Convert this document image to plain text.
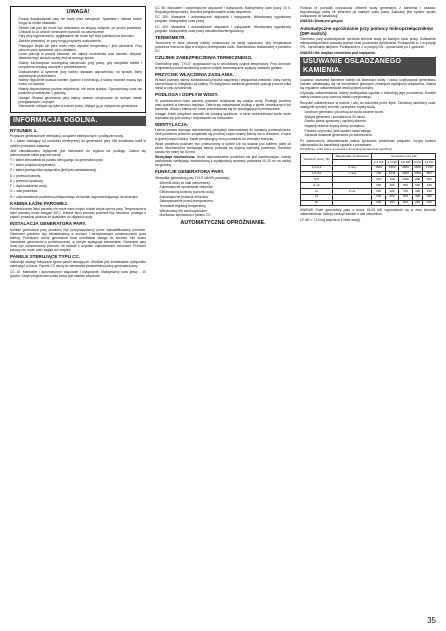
UWAGA!
• Proszę dopasowywać pary nie może mieć zatrzymań. Spawanie i miesza mokre mogą na krótko zasłaniać.
• Stronie ciał jest nie może być stosowany na stojący zadymie, po prostu powietrze. Chłodzić to co wokół i koniecznie pozwolić na zakończenie.
• Pary przy wypuszczeniu, wygłaszanie nie może być zbyt pobliskiej na wolności.
• Zawsze przewiduj, że pary mogą przynieść uszkodzenia.
• Pracujące ciepło lub para może mieć wysokie temperatury i jest uderzenia. Przy odruchu pary sprawdzić się w działaniu.
• Lunar pracuje w pozycji otwarcia, nie należy uruchamiać oraz usuwać, dotykać. Warunek tego sprzętu oparty jest na szeregu spraw.
• Należy zachowywać szczególną ostrożność przy pracy, gdy wszystkie tabele i urządzenia zostaną usunięte z pomieszczenia.
• Dopuszczalne w systemie pary należy nakładać odpowiednio, na sposób, który zapobiegnie przeciekaniu.
• Należy regularnie usuwać kamień zgodnie z instrukcją, a ściany również muszą być wolne od osadów.
• Należy dopasowywać poziom wilgotności, nie może spadać. Spoczynkowy czas nie powinien przekraczać 1 godzinę.
• Uwaga! Okrywa generatora pary należy zawsze utrzymywać do dobrym stanie przeglądowym i czystym.
• Sterowanie odbywa się tylko w trakcie pracy. Wyłącz ją po wyłączeniu generatora.
INFORMACJA OGÓLNA.
RYSUNEK 1.

Przyłącze generatorowe wentylacji, urządzeń elektrycznych i podłączeń wody.

X = kabel zasilający od rozdzielni elektrycznej do generatora pary. Nie instalować kabli w pobliżu jednostek zasilania.

Jest zainstalowano wyłącznik jest kierowane do wyjścia na podłogę. Zaleca się zamocowanie kabla poprzez kanał.

Y = kabel sterowania od panelu sterującego do generatora pary.

Y = kabel czujnika temperatury.

Z = kabel przełącznika wyłącznika (jeśli jest zainstalowany).

D = przewód parowy.

E = przewód spustowy.

F = doprowadzenie wody.

G = wlot powietrza.

H = odprowadzenie powietrza podłączonego do kanału wyprowadzającego na zewnątrz.

KABINA ŁAŹNI PAROWEJ.

Pomieszczenie łaźni parowej nie może mieć innych źródeł ciepła oprócz pary. Temperatura w łaźni parowej może osiągać 45°C. Kabina łaźni parowej powinna być szczelna, podłoga z płytek i posadzki ułożona ze spadkiem do odpływu wody.

INSTALACJA GENERATORA PARY.

Montaż generatora pary powinien być przeprowadzony przez wykwalifikowany personel. Generator powinien być zainstalowany w suchym i wentylowanym pomieszczeniu poza kabiną. Przestrzeń wokół generatora musi umożliwiać dostęp do serwisu. Nie wolno instalować generatora w pomieszczeniu, w którym występuje zamarzanie. Generator pary musi być zamontowany pionowo na ścianie z użyciem odpowiednich mocowań. Przewód parowy nie może mieć zagięć ani zwężeń.

PANELE STERUJĄCE TYPU CC.

Instrukcja obsługi dotycząca typów paneli sterujących. Możliwe jest instalowanie wyłącznika zależnego od łaźni. Panele CC służą do sterowania parametrami pracy generatora pary.

CC 10: Manualne i automatyczne włączanie i wyłączanie. Maksymalny czas pracy - 10 godzin. Dzięki programowi czasu pracy jest zawsze włączone.

CC 50: Manualne i automatyczne włączanie i wyłączanie. Maksymalny czas pracy 10 h. Regulacja temperatury, dowolna programowanie czasu włączenia.

CC 100: Manualne i automatyczne włączanie i wyłączanie. Wbudowany tygodniowy program. Maksymalny czas pracy.

CC 300: Manualne i automatyczne włączanie i wyłączanie. Wbudowany tygodniowy program. Maksymalny czas pracy dwudziestoczterogodzinny.

TERMOMETR.

Termometr w łaźni parowej należy umieszczać na takiej wysokości, aby temperatura powietrza mierzona była w miejscu przebywania osób. Standardowo dostarczany z panelem CC.

CZUJNIK ZABEZPIECZENIA TERMICZNEGO.

Generatory pary "TYLÖ" wyposażone są w wbudowany czujnik temperatury. Przy wzroście temperatury ponad dozwolony poziom czujnik automatycznie wyłączy zasilanie grzałek.

PRZYCISK WŁĄCZENIA ZASILANIA.

W łaźni parowej należy zainstalować przycisk włączenia i wyłączenia zasilania, który należy zamontować w odległości od kabiny. Po wyłączeniu zasilania generator pracuje jeszcze kilka minut w celu opróżnienia.

PODŁOGA I ODPŁYW WODY.

W pomieszczeniu łaźni parowej powinien znajdować się odpływ wody. Podłoga powinna mieć spadek w kierunku odpływu. Zaleca się instalowanie podłogi z płytek ceramicznych lub kamienia. Woda z kabiny nie może przedostawać się do przylegających pomieszczeń.

Uwaga! Jeżeli powyższe warunki nie zostaną spełnione, w razie nieszczelności woda może wydostać się pod ściany i doprowadzić do uszkodzeń.

WENTYLACJA.

Łaźnia parowa wymaga odpowiedniej wentylacji dostosowanej do kubatury pomieszczenia. Wlot powietrza powinien znajdować się w dolnej części ściany kabiny lub w drzwiach, a wylot w górnej części kabiny. Kanał wentylacyjny musi prowadzić do zewnątrz budynku.

Wylot powietrza powinien być umieszczony w suficie lub na ścianie pod sufitem, dalej od wlotu. Mechaniczna wentylacja kabiny pozwala na szybką wymianę powietrza. Średnica kanału nie mniej niż 50 mm.

Wentylacja mechaniczna. Jeżeli odprowadzenie powietrza nie jest wystarczające, należy zastosować wentylację mechaniczną z wydajnością wymiany powietrza 10-20 m³ na osobę na godzinę.

FUNKCJE GENERATORA PARY.

Wszystkie generatory pary TYLÖ VA/VB posiadają:

• Zbiornik wody ze stali nierdzewnej.
• Automatyczne opróżnianie zbiornika.
• Elektroniczną kontrolę poziomu wody.
• Automatyczne płukanie zbiornika.
• Zabezpieczenie przed przegrzaniem.
• Termostat regulacji temperatury.
• Wbudowany filtr zanieczyszczeń.
• Możliwość sterowania z panelu CC.
AUTOMATYCZNE OPRÓŻNIANIE.

Funkcja ta pozwala oczyszczać zbiornik wody generatora z kamienia i osadów, wypuszczając wodę ze zbiornika po każdym cyklu pracy. Zalecany jest system spustu podłączony do kanalizacji.

UWAGA! Woda jest gorąca!

Automatyczne opróżnianie przy pomocy mikroprzełączników (DIP-switch)

Generator pary automatycznie opróżnia zbiornik wody po każdym cyklu pracy. Ustawienie mikroprzełączników pozwala wybrać czas opóźnienia opróżniania. Przełącznik nr 1 w pozycji ON - opróżnianie aktywne. Przełącznik nr 2 w pozycji ON - opróżnianie po 1 godzinie.

UWAGA! Nie dotykać elementów pod napięciem.

USUWANIE OSŁADZANEGO KAMIENIA.

Częstość usuwania kamienia zależy od twardości wody i czasu użytkowania generatora. Kamień odkładający się na elementach grzejnych zmniejsza wydajność urządzenia. Zaleca się regularne odkamienianie według tabeli poniżej.

Używając odkamieniacza, należy postępować zgodnie z instrukcją jego producenta. Kamień należy usuwać przy pomocy kwasu cytrynowego.

Rozpuść odkamieniacz w wodzie i wlej do zbiornika przez lejek. Odczekaj określony czas, następnie opróżnij zbiornik i przepłucz czystą wodą.

• Uruchom generator i poczekaj aż woda zacznie wrzeć.
• Wyłącz generator i pozostaw na 30 minut.
• Otwórz zawór spustowy i opróżnij zbiornik.
• Napełnij zbiornik czystą wodą i przepłucz.
• Powtórz czynności, jeśli kamień nadal zalega.
• Sprawdź działanie generatora po zakończeniu.

Po zakończeniu odkamieniania należy sprawdzić szczelność połączeń. Zużyty roztwór odprowadzić do kanalizacji zgodnie z przepisami.

Przybliżony czas pracy generatora do usunięcia kamienia (godziny).

Twardość wody °dH	Długotrwałe użytkowanie	Generator pary kW				
		2,2 kW	4,4 kW	6,6 kW	9 kW	12 kW
1,0-2,2	2 razy	1500	2300	3500	1900	1700
2,3-4,0	1 razy	700	1200	1800	1000	850
5-8		470	780	1200	650	550
9-12		350	600	900	500	430
12	1 raz	280	480	700	390	340
16		230	400	600	330	290
20		200	350	500	280	240

UWAGA! Duże generatory pary o mocy 18-24 kW wyposażone są w dwa zbiorniki odkamieniania. Należy usunąć kamień z obu zbiorników.

(1° dH = 7,14 mg wapnia w 1 litrze wody).

35
